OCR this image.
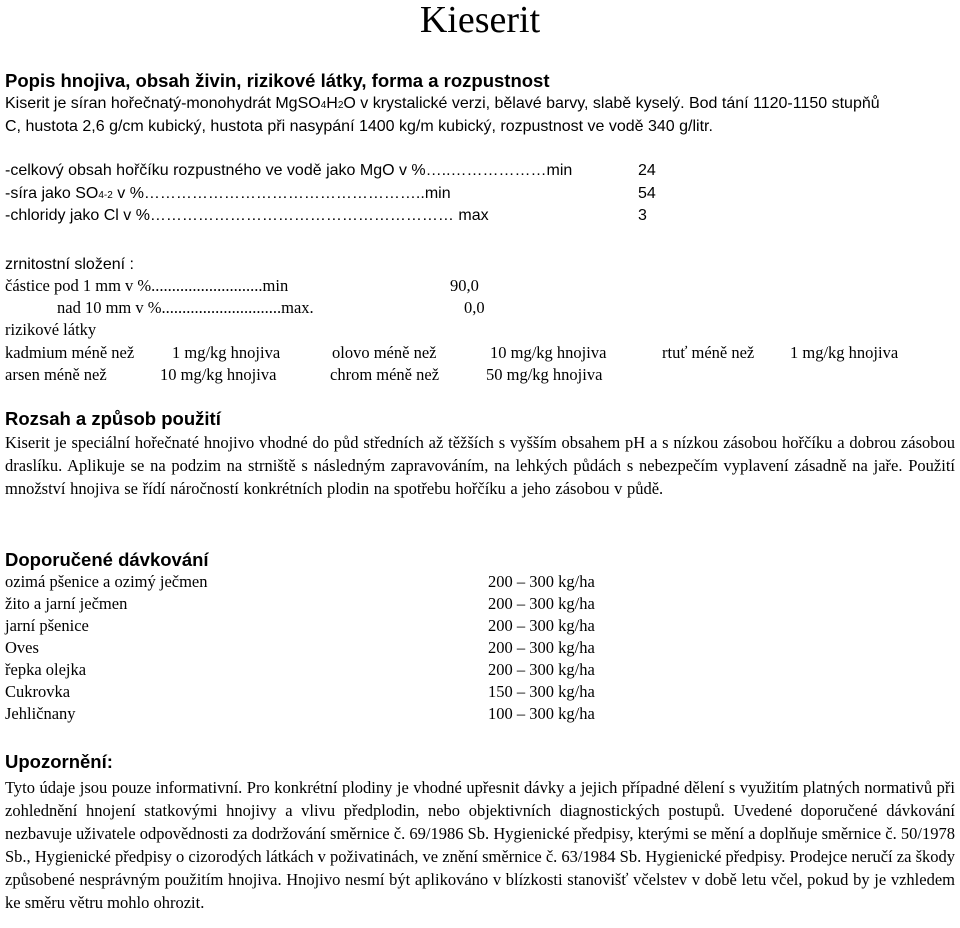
Kieserit
Popis hnojiva, obsah živin, rizikové látky, forma a rozpustnost
Kiserit je síran hořečnatý-monohydrát MgSO4H2O v krystalické verzi, bělavé barvy, slabě kyselý. Bod tání 1120-1150 stupňů
C, hustota 2,6 g/cm kubický, hustota při nasypání 1400 kg/m kubický, rozpustnost ve vodě 340 g/litr.
-celkový obsah hořčíku rozpustného ve vodě jako MgO v %…..………………min	24
-síra jako SO4-2 v %……………………………………………..min	54
-chloridy jako Cl v %………………………………………………… max	3
zrnitostní složení :
částice pod 1 mm v %...........................min	90,0
nad 10 mm v %.............................max.	0,0
rizikové látky
kadmium méně než 1 mg/kg hnojiva	olovo méně než	10 mg/kg hnojiva	rtuť méně než 1 mg/kg hnojiva
arsen méně než	10 mg/kg hnojiva	chrom méně než	50 mg/kg hnojiva
Rozsah a způsob použití
Kiserit je speciální hořečnaté hnojivo vhodné do půd středních až těžších s vyšším obsahem pH a s nízkou zásobou hořčíku a dobrou zásobou draslíku. Aplikuje se na podzim na strniště s následným zapravováním, na lehkých půdách s nebezpečím vyplavení zásadně na jaře. Použití množství hnojiva se řídí náročností konkrétních plodin na spotřebu hořčíku a jeho zásobou v půdě.
Doporučené dávkování
ozimá pšenice a ozimý ječmen	200 – 300 kg/ha
žito a jarní ječmen	200 – 300 kg/ha
jarní pšenice	200 – 300 kg/ha
Oves	200 – 300 kg/ha
řepka olejka	200 – 300 kg/ha
Cukrovka	150 – 300 kg/ha
Jehličnany	100 – 300 kg/ha
Upozornění:
Tyto údaje jsou pouze informativní. Pro konkrétní plodiny je vhodné upřesnit dávky a jejich případné dělení s využitím platných normativů při zohlednění hnojení statkovými hnojivy a vlivu předplodin, nebo objektivních diagnostických postupů. Uvedené doporučené dávkování nezbavuje uživatele odpovědnosti za dodržování směrnice č. 69/1986 Sb. Hygienické předpisy, kterými se mění a doplňuje směrnice č. 50/1978 Sb., Hygienické předpisy o cizorodých látkách v poživatinách, ve znění směrnice č. 63/1984 Sb. Hygienické předpisy. Prodejce neručí za škody způsobené nesprávným použitím hnojiva. Hnojivo nesmí být aplikováno v blízkosti stanovišť včelstev v době letu včel, pokud by je vzhledem ke směru větru mohlo ohrozit.
